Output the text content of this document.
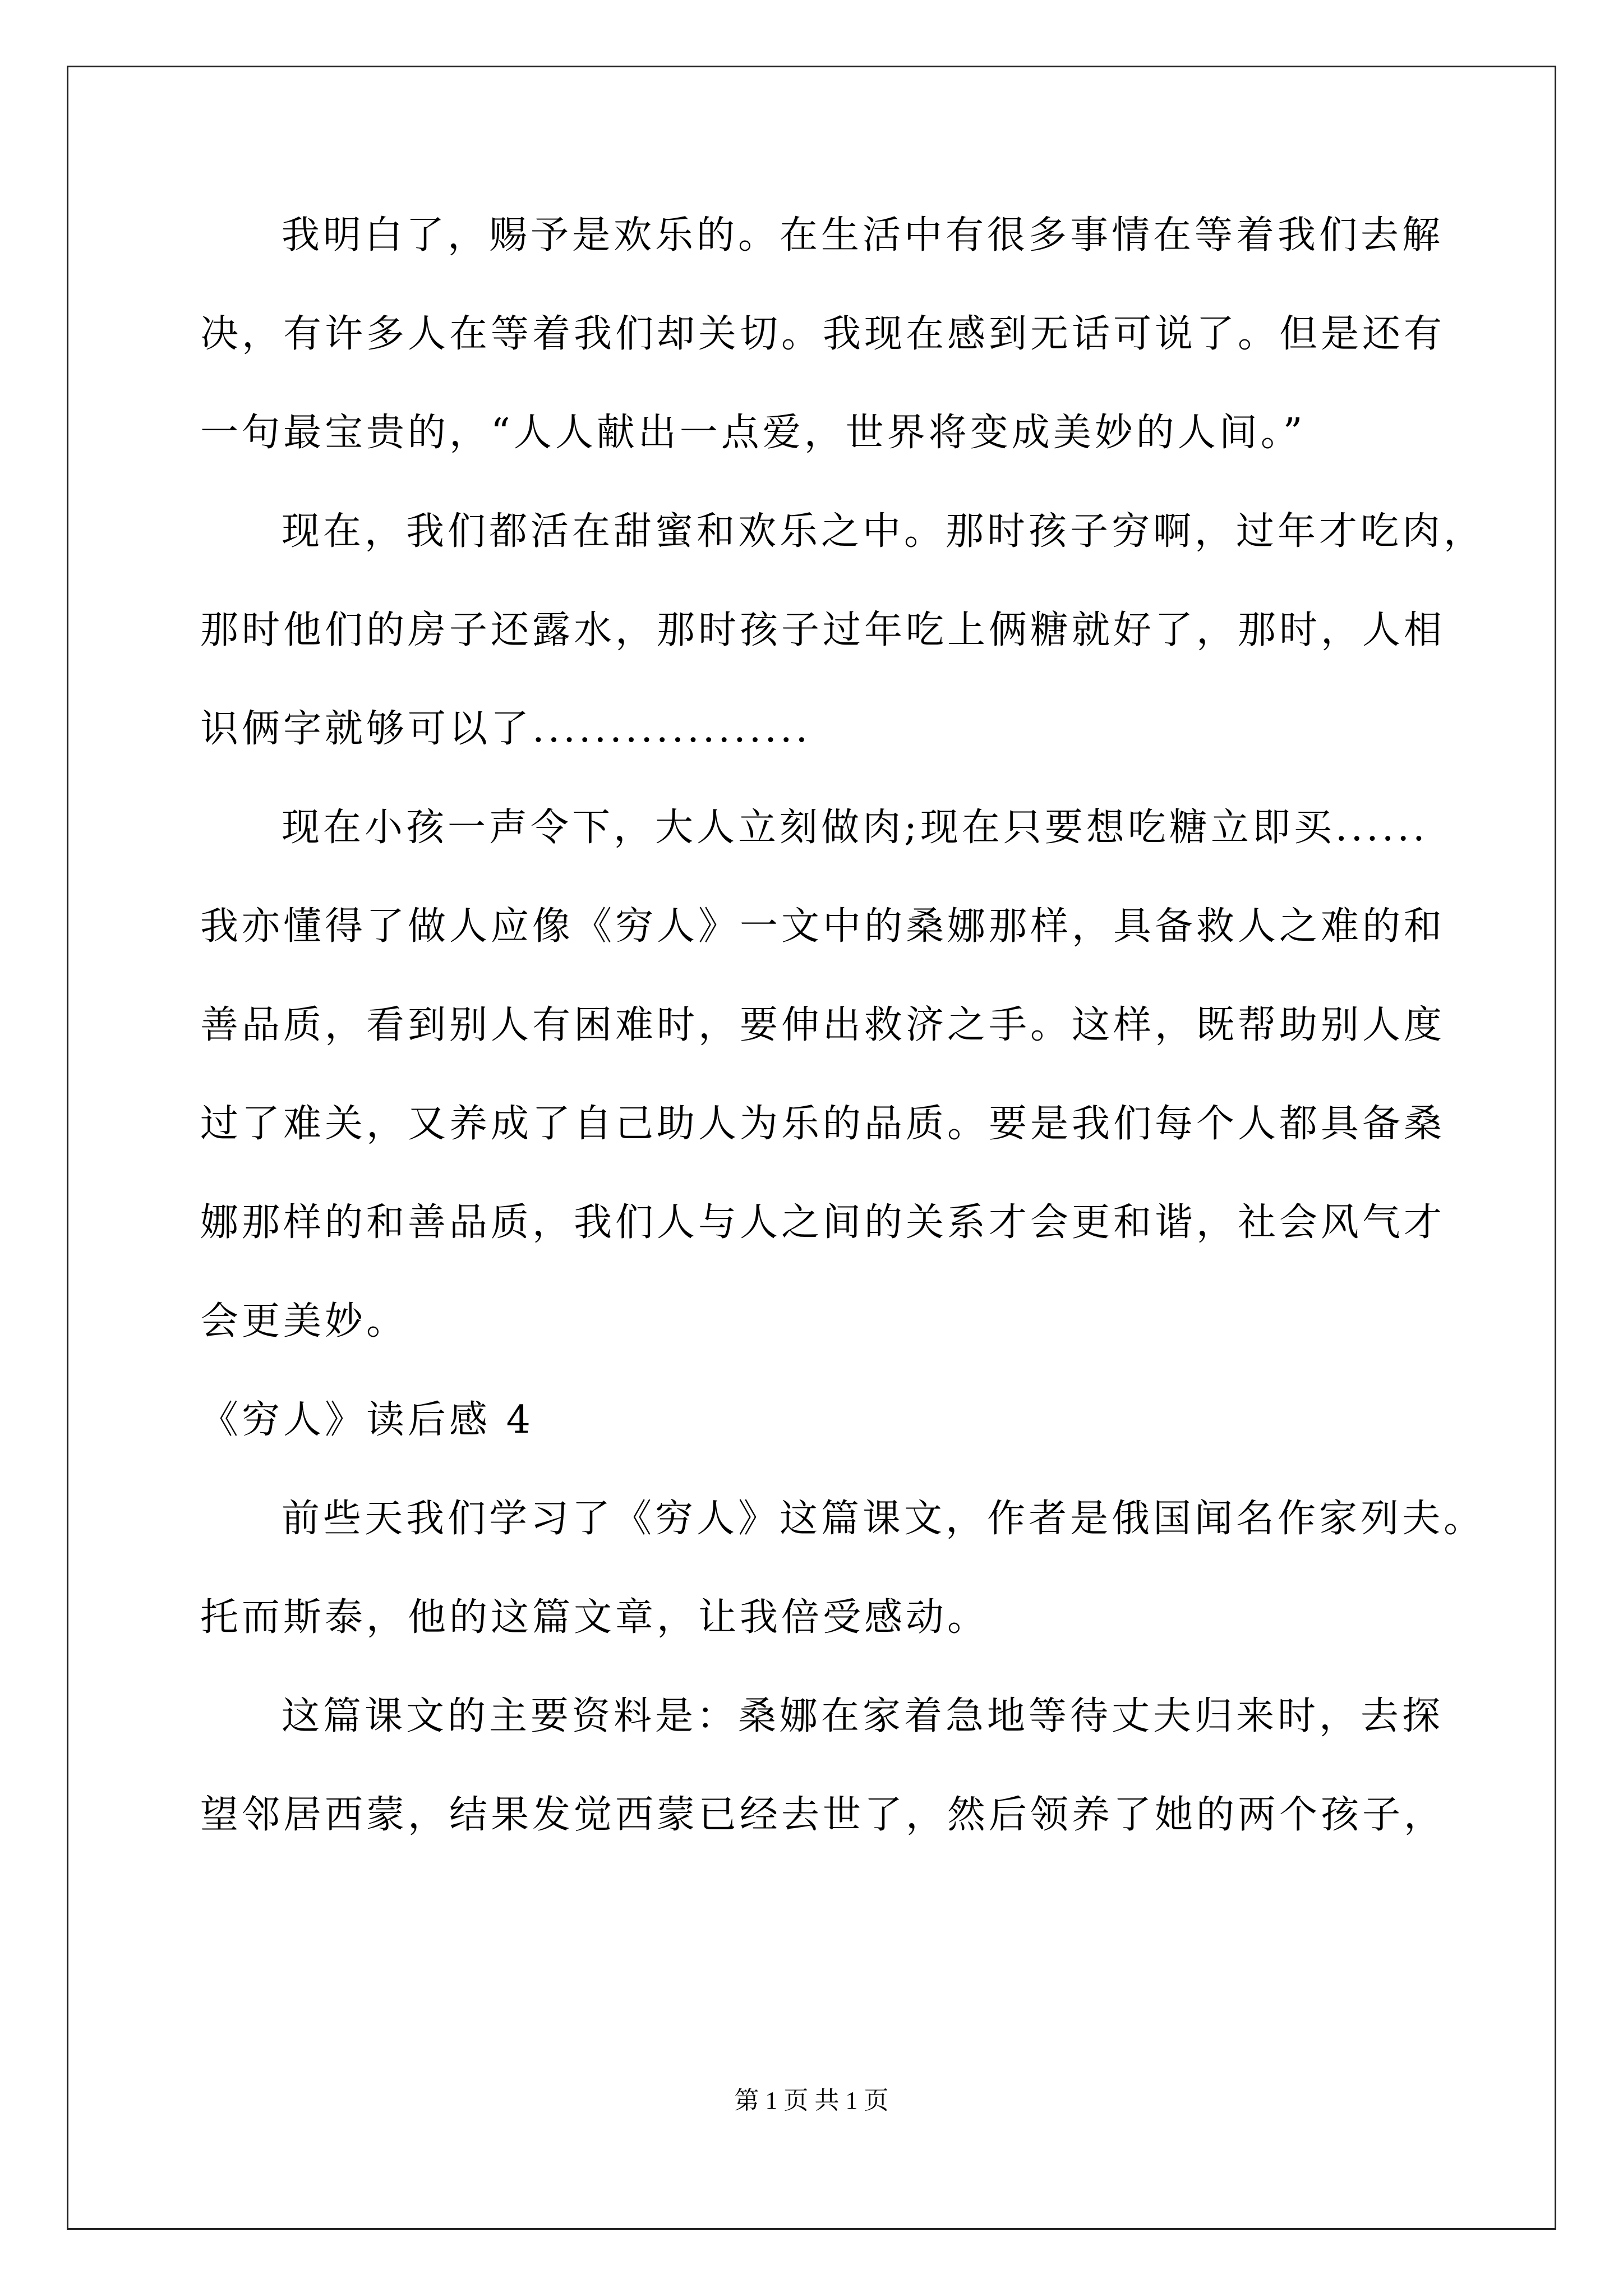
我明白了，赐予是欢乐的。在生活中有很多事情在等着我们去解
决，有许多人在等着我们却关切。我现在感到无话可说了。但是还有
一句最宝贵的，“人人献出一点爱，世界将变成美妙的人间。”
现在，我们都活在甜蜜和欢乐之中。那时孩子穷啊，过年才吃肉，
那时他们的房子还露水，那时孩子过年吃上俩糖就好了，那时，人相
识俩字就够可以了..................
现在小孩一声令下，大人立刻做肉;现在只要想吃糖立即买......
我亦懂得了做人应像《穷人》一文中的桑娜那样，具备救人之难的和
善品质，看到别人有困难时，要伸出救济之手。这样，既帮助别人度
过了难关，又养成了自己助人为乐的品质。要是我们每个人都具备桑
娜那样的和善品质，我们人与人之间的关系才会更和谐，社会风气才
会更美妙。
《穷人》读后感 4
前些天我们学习了《穷人》这篇课文，作者是俄国闻名作家列夫。
托而斯泰，他的这篇文章，让我倍受感动。
这篇课文的主要资料是：桑娜在家着急地等待丈夫归来时，去探
望邻居西蒙，结果发觉西蒙已经去世了，然后领养了她的两个孩子，
第 1 页 共 1 页
